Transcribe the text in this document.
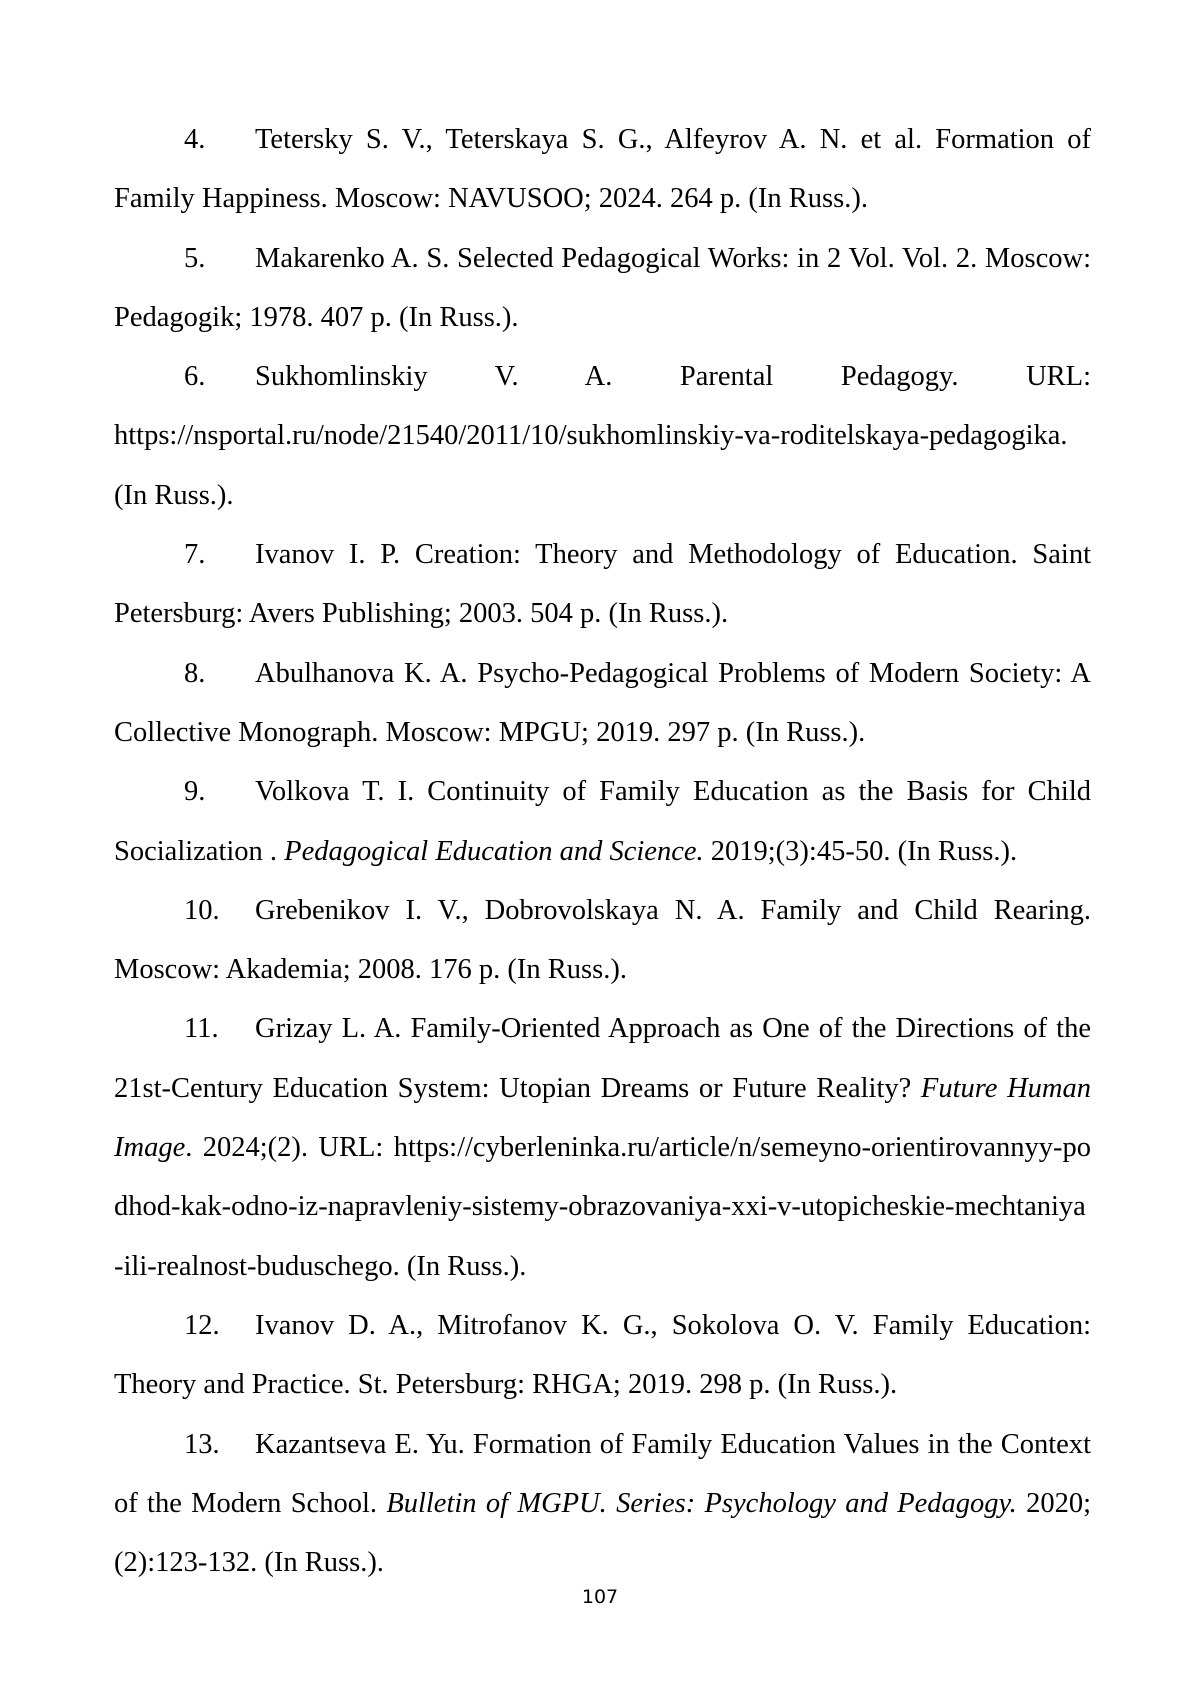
4. Tetersky S. V., Teterskaya S. G., Alfeyrov A. N. et al. Formation of Family Happiness. Moscow: NAVUSOO; 2024. 264 p. (In Russ.).

5. Makarenko A. S. Selected Pedagogical Works: in 2 Vol. Vol. 2. Moscow: Pedagogik; 1978. 407 p. (In Russ.).

6. Sukhomlinskiy V. A. Parental Pedagogy. URL:
https://nsportal.ru/node/21540/2011/10/sukhomlinskiy-va-roditelskaya-pedagogika. (In Russ.).

7. Ivanov I. P. Creation: Theory and Methodology of Education. Saint Petersburg: Avers Publishing; 2003. 504 p. (In Russ.).

8. Abulhanova K. A. Psycho-Pedagogical Problems of Modern Society: A Collective Monograph. Moscow: MPGU; 2019. 297 p. (In Russ.).

9. Volkova T. I. Continuity of Family Education as the Basis for Child Socialization . Pedagogical Education and Science. 2019;(3):45-50. (In Russ.).

10. Grebenikov I. V., Dobrovolskaya N. A. Family and Child Rearing. Moscow: Akademia; 2008. 176 p. (In Russ.).

11. Grizay L. A. Family-Oriented Approach as One of the Directions of the 21st-Century Education System: Utopian Dreams or Future Reality? Future Human Image. 2024;(2). URL: https://cyberleninka.ru/article/n/semeyno-orientirovannyy-podhod-kak-odno-iz-napravleniy-sistemy-obrazovaniya-xxi-v-utopicheskie-mechtaniya-ili-realnost-buduschego. (In Russ.).

12. Ivanov D. A., Mitrofanov K. G., Sokolova O. V. Family Education: Theory and Practice. St. Petersburg: RHGA; 2019. 298 p. (In Russ.).

13. Kazantseva E. Yu. Formation of Family Education Values in the Context of the Modern School. Bulletin of MGPU. Series: Psychology and Pedagogy. 2020;(2):123-132. (In Russ.).

107
